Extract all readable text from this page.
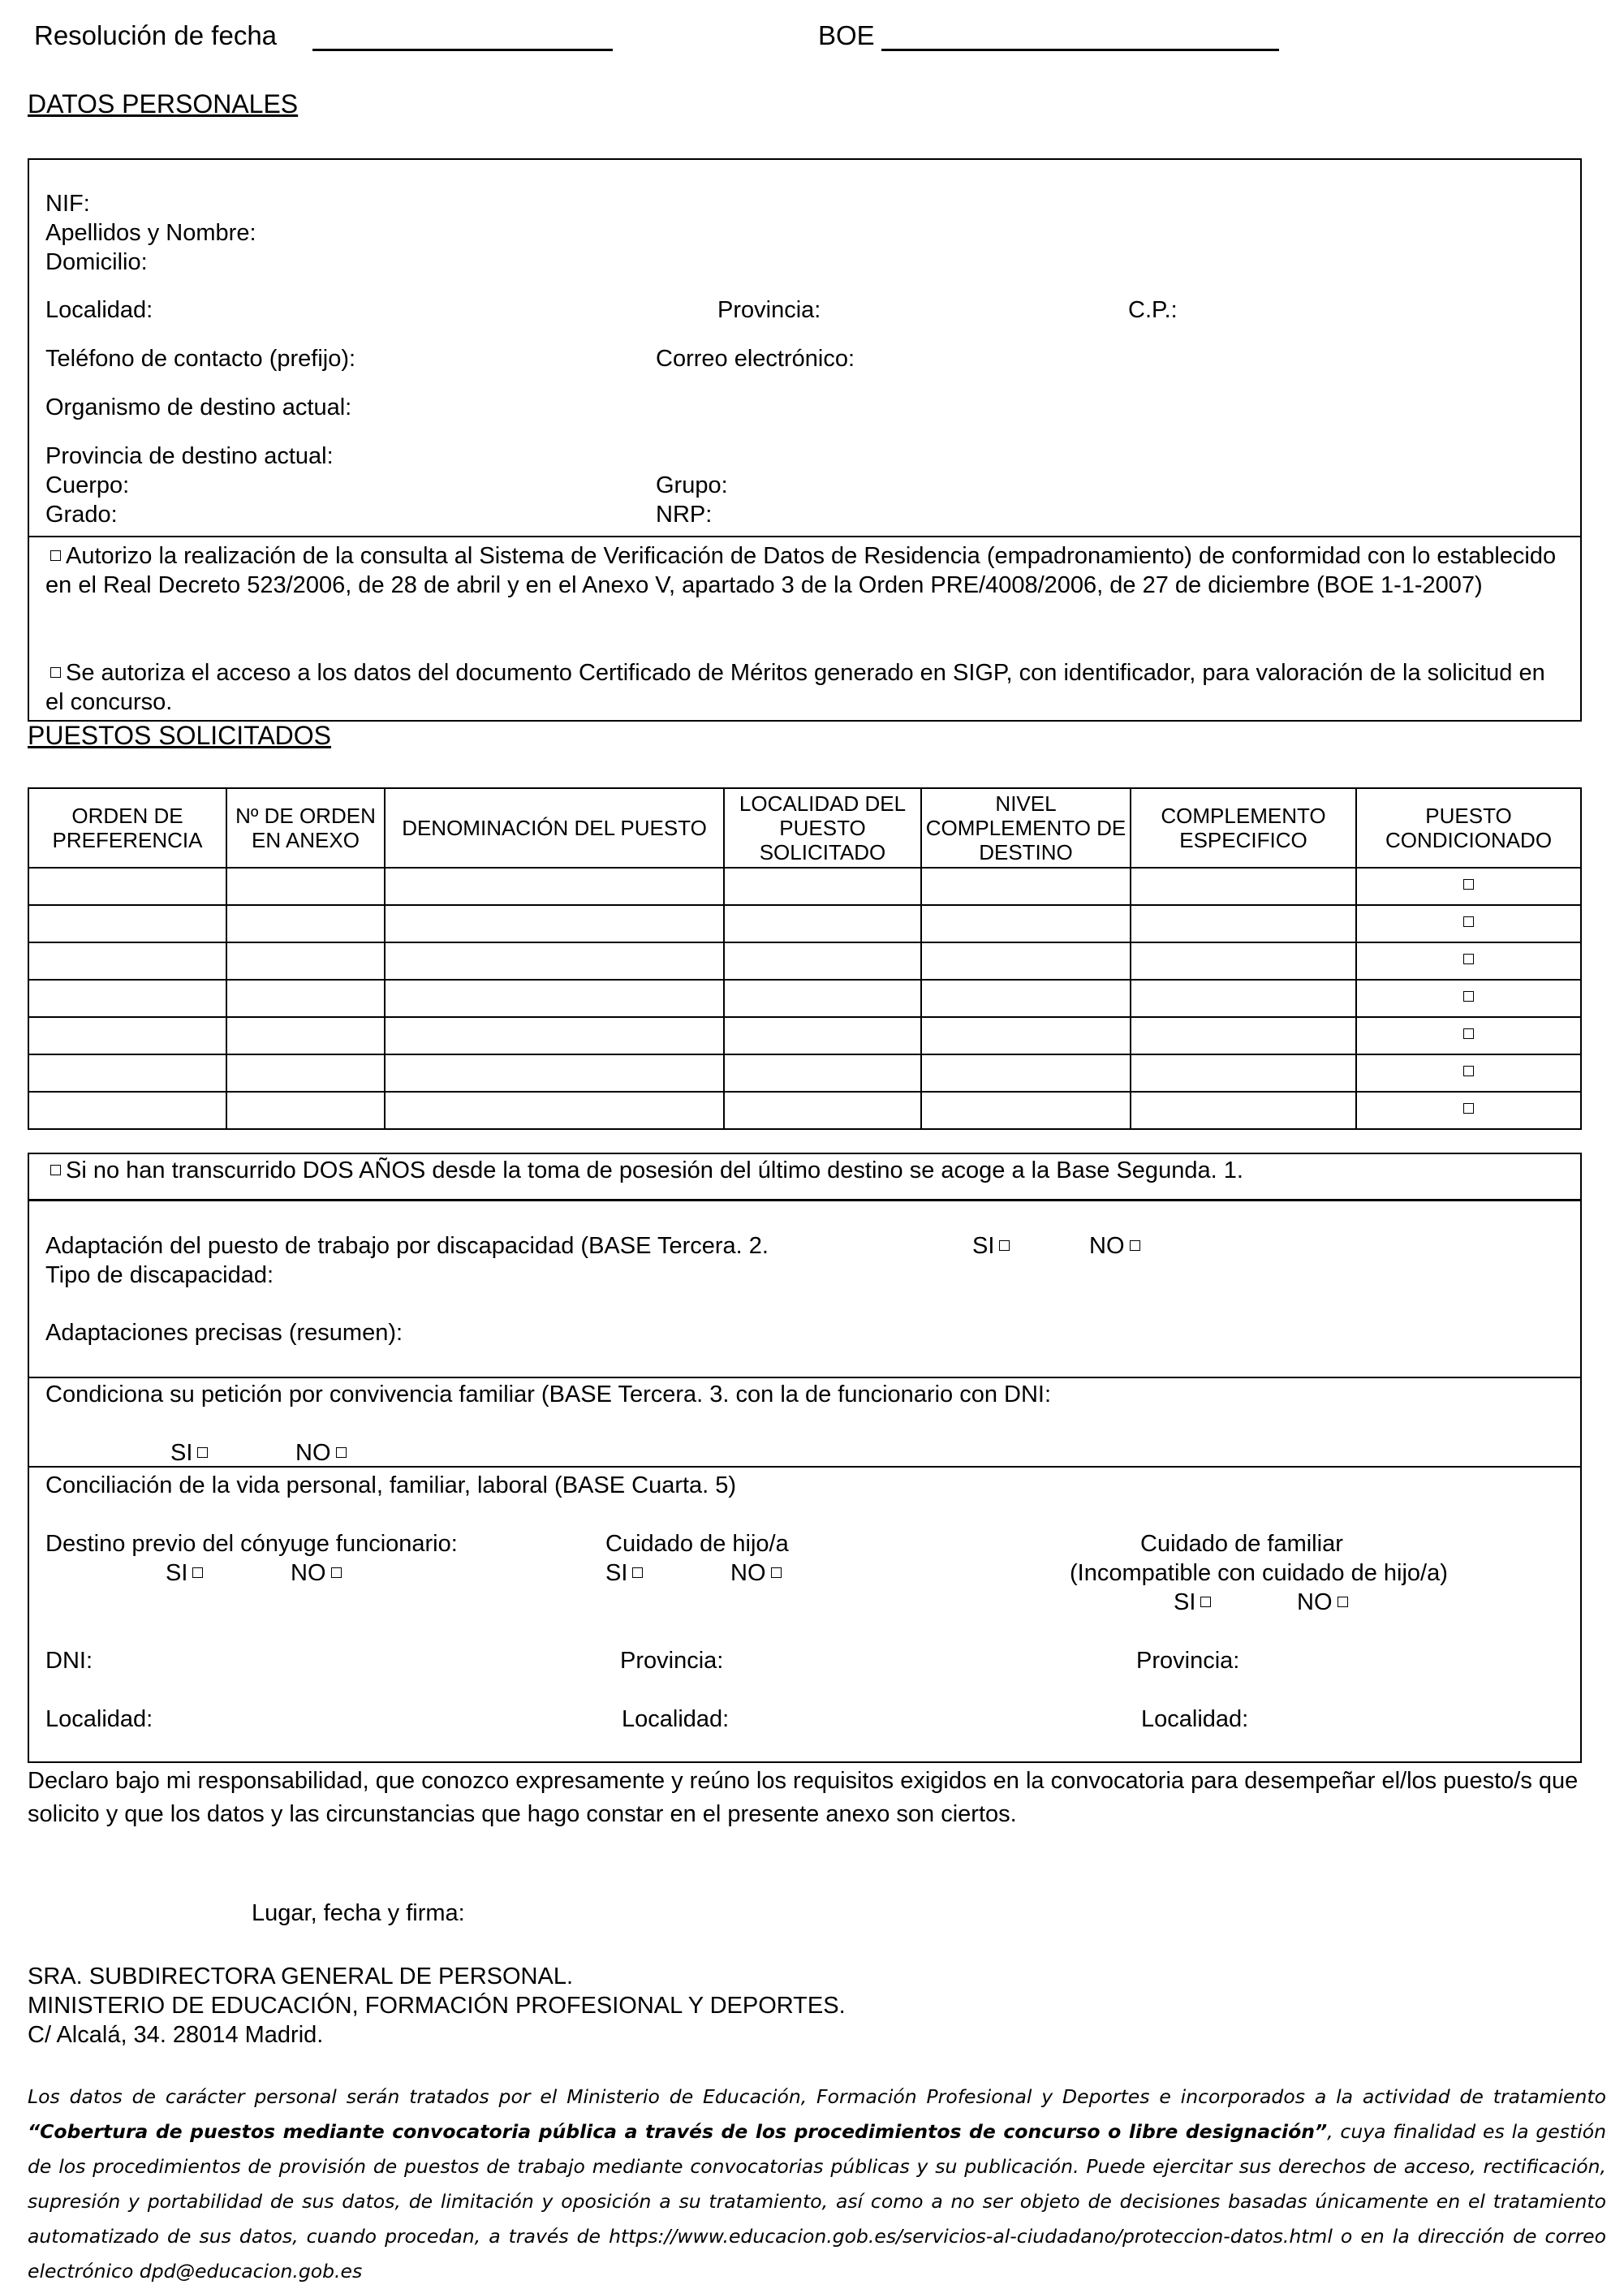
Resolución de fecha	BOE
DATOS PERSONALES
NIF:
Apellidos y Nombre:
Domicilio:
Localidad:	Provincia:	C.P.:
Teléfono de contacto (prefijo):	Correo electrónico:
Organismo de destino actual:
Provincia de destino actual:
Cuerpo:	Grupo:
Grado:	NRP:
Autorizo la realización de la consulta al Sistema de Verificación de Datos de Residencia (empadronamiento) de conformidad con lo establecido en el Real Decreto 523/2006, de 28 de abril y en el Anexo V, apartado 3 de la Orden PRE/4008/2006, de 27 de diciembre (BOE 1-1-2007)
Se autoriza el acceso a los datos del documento Certificado de Méritos generado en SIGP, con identificador, para valoración de la solicitud en el concurso.
PUESTOS SOLICITADOS
ORDEN DE PREFERENCIA	Nº DE ORDEN EN ANEXO	DENOMINACIÓN DEL PUESTO	LOCALIDAD DEL PUESTO SOLICITADO	NIVEL COMPLEMENTO DE DESTINO	COMPLEMENTO ESPECIFICO	PUESTO CONDICIONADO

Si no han transcurrido DOS AÑOS desde la toma de posesión del último destino se acoge a la Base Segunda. 1.
Adaptación del puesto de trabajo por discapacidad (BASE Tercera. 2.	SI	NO
Tipo de discapacidad:
Adaptaciones precisas (resumen):
Condiciona su petición por convivencia familiar (BASE Tercera. 3. con la de funcionario con DNI:
SI	NO
Conciliación de la vida personal, familiar, laboral (BASE Cuarta. 5)
Destino previo del cónyuge funcionario:	Cuidado de hijo/a	Cuidado de familiar
SI	NO	SI	NO	(Incompatible con cuidado de hijo/a)
SI	NO
DNI:	Provincia:	Provincia:
Localidad:	Localidad:	Localidad:
Declaro bajo mi responsabilidad, que conozco expresamente y reúno los requisitos exigidos en la convocatoria para desempeñar el/los puesto/s que solicito y que los datos y las circunstancias que hago constar en el presente anexo son ciertos.
Lugar, fecha y firma:
SRA. SUBDIRECTORA GENERAL DE PERSONAL.
MINISTERIO DE EDUCACIÓN, FORMACIÓN PROFESIONAL Y DEPORTES.
C/ Alcalá, 34. 28014 Madrid.
Los datos de carácter personal serán tratados por el Ministerio de Educación, Formación Profesional y Deportes e incorporados a la actividad de tratamiento “Cobertura de puestos mediante convocatoria pública a través de los procedimientos de concurso o libre designación”, cuya finalidad es la gestión de los procedimientos de provisión de puestos de trabajo mediante convocatorias públicas y su publicación. Puede ejercitar sus derechos de acceso, rectificación, supresión y portabilidad de sus datos, de limitación y oposición a su tratamiento, así como a no ser objeto de decisiones basadas únicamente en el tratamiento automatizado de sus datos, cuando procedan, a través de https://www.educacion.gob.es/servicios-al-ciudadano/proteccion-datos.html o en la dirección de correo electrónico dpd@educacion.gob.es
